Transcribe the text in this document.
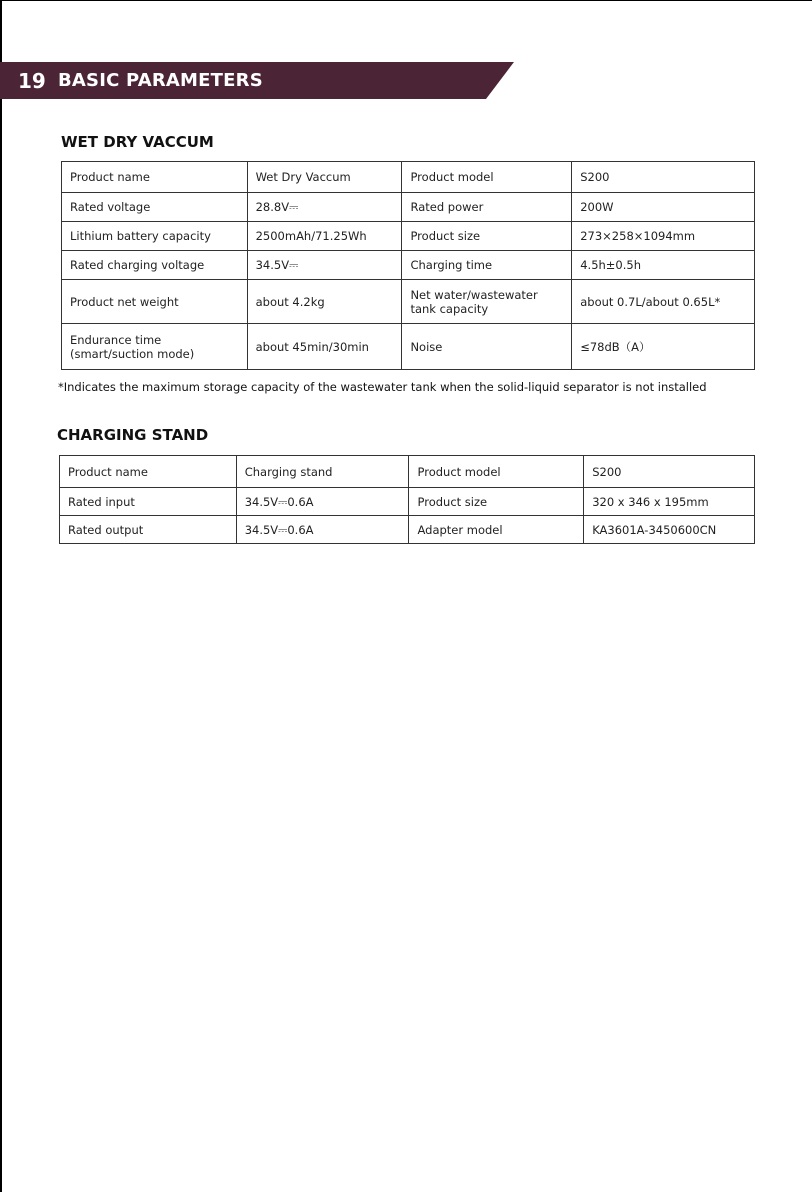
19 BASIC PARAMETERS
WET DRY VACCUM
Product name	Wet Dry Vaccum	Product model	S200
Rated voltage	28.8V⎓	Rated power	200W
Lithium battery capacity	2500mAh/71.25Wh	Product size	273×258×1094mm
Rated charging voltage	34.5V⎓	Charging time	4.5h±0.5h
Product net weight	about 4.2kg	Net water/wastewater tank capacity	about 0.7L/about 0.65L*
Endurance time (smart/suction mode)	about 45min/30min	Noise	≤78dB（A）
*Indicates the maximum storage capacity of the wastewater tank when the solid-liquid separator is not installed
CHARGING STAND
Product name	Charging stand	Product model	S200
Rated input	34.5V⎓0.6A	Product size	320 x 346 x 195mm
Rated output	34.5V⎓0.6A	Adapter model	KA3601A-3450600CN
